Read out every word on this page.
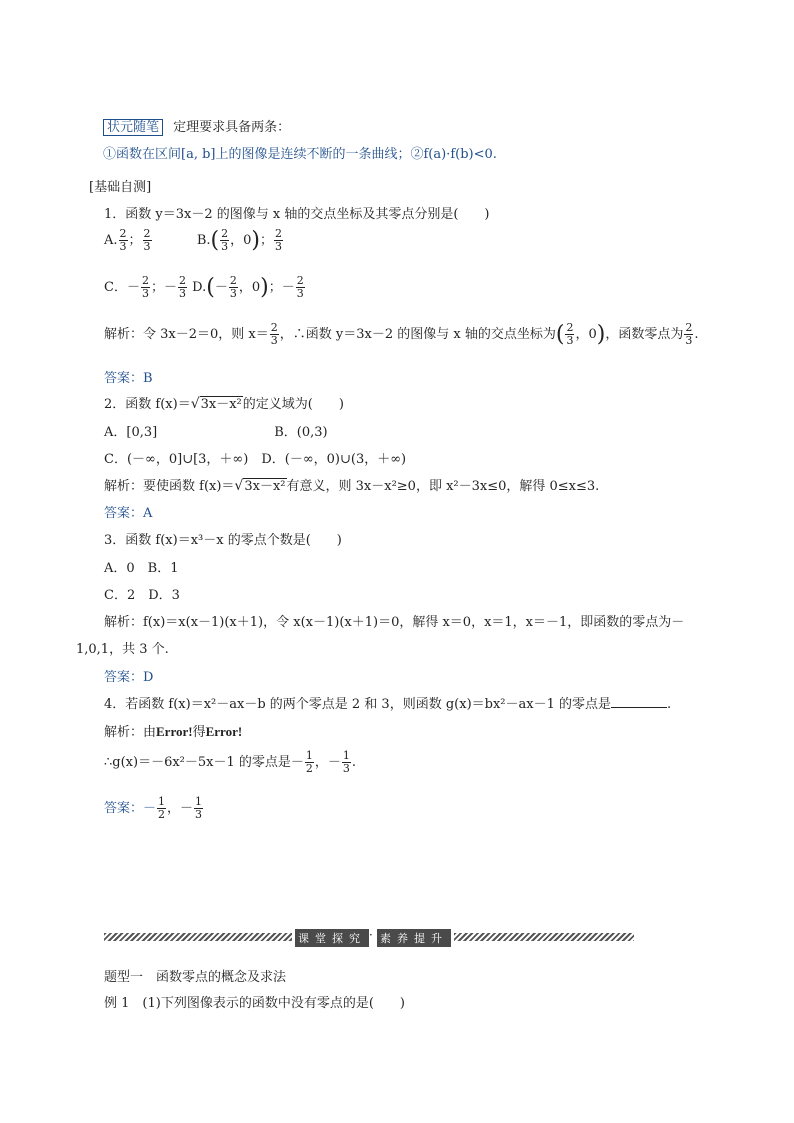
状元随笔 定理要求具备两条：
①函数在区间[a, b]上的图像是连续不断的一条曲线；②f(a)·f(b)<0.
[基础自测]
1．函数 y＝3x－2 的图像与 x 轴的交点坐标及其零点分别是(　　)
A. $\frac{2}{3}$ ； $\frac{2}{3}$	$B.( \frac{2}{3}$ ，0)； $\frac{2}{3}$
C．－ $\frac{2}{3}$ ；－ $\frac{2}{3} D.(- \frac{2}{3}$ ，0)；－ $\frac{2}{3}$
解析：令 3x－2＝0，则 $x= \frac{2}{3}$ ，∴函数 y＝3x－2 的图像与 x 轴的交点坐标为( $\frac{2}{3}$ ，0)，函数零点为 $\frac{2}{3}$ .
答案：B
2．函数 f(x)＝√3x－x²的定义域为(　　)
A．[0,3]　　　　　　　　　B．(0,3)
C．(－∞，0]∪[3，＋∞)　D．(－∞，0)∪(3，＋∞)
解析：要使函数 f(x)＝√3x－x²有意义，则 3x－x²≥0，即 x²－3x≤0，解得 0≤x≤3.
答案：A
3．函数 f(x)＝x³－x 的零点个数是(　　)
A．0　B．1
C．2　D．3
解析：f(x)＝x(x－1)(x＋1)，令 x(x－1)(x＋1)＝0，解得 x＝0，x＝1，x＝－1，即函数的零点为－
1,0,1，共 3 个.
答案：D
4．若函数 f(x)＝x²－ax－b 的两个零点是 2 和 3，则函数 g(x)＝bx²－ax－1 的零点是	.
解析：由Error!得Error!
∴g(x)＝－6x²－5x－1 的零点是－ $\frac{1}{2}$ ，－ $\frac{1}{3}$ .
答案：－ $\frac{1}{2}$ ，－ $\frac{1}{3}$
课堂探究 · 素养提升
题型一　函数零点的概念及求法
例 1　(1)下列图像表示的函数中没有零点的是(　　)
